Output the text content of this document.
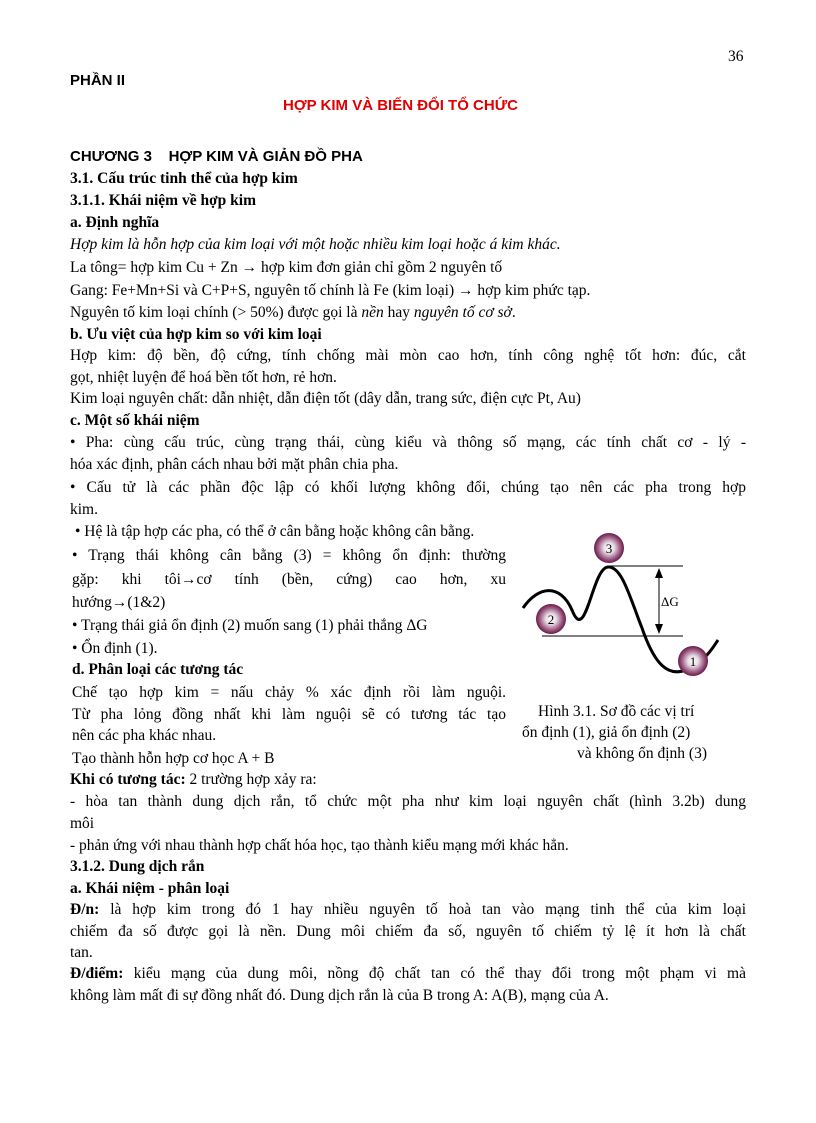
36
PHẦN II
HỢP KIM VÀ BIẾN ĐỔI TỔ CHỨC
CHƯƠNG 3    HỢP KIM VÀ GIẢN ĐỒ PHA
3.1. Cấu trúc tinh thể của hợp kim
3.1.1. Khái niệm về hợp kim
a. Định nghĩa
Hợp kim là hỗn hợp của kim loại với một hoặc nhiều kim loại hoặc á kim khác.
La tông= hợp kim Cu + Zn → hợp kim đơn giản chỉ gồm 2 nguyên tố
Gang: Fe+Mn+Si và C+P+S, nguyên tố chính là Fe (kim loại) → hợp kim phức tạp.
Nguyên tố kim loại chính (> 50%) được gọi là nền hay nguyên tố cơ sở.
b. Ưu việt của hợp kim so với kim loại
Hợp kim: độ bền, độ cứng, tính chống mài mòn cao hơn, tính công nghệ tốt hơn: đúc, cắt
gọt, nhiệt luyện để hoá bền tốt hơn, rẻ hơn.
Kim loại nguyên chất: dẫn nhiệt, dẫn điện tốt (dây dẫn, trang sức, điện cực Pt, Au)
c. Một số khái niệm
• Pha: cùng cấu trúc, cùng trạng thái, cùng kiểu và thông số mạng, các tính chất cơ - lý -
hóa xác định, phân cách nhau bởi mặt phân chia pha.
• Cấu tử là các phần độc lập có khối lượng không đổi, chúng tạo nên các pha trong hợp
kim.
• Hệ là tập hợp các pha, có thể ở cân bằng hoặc không cân bằng.
• Trạng thái không cân bằng (3) = không ổn định: thường
gặp: khi tôi→cơ tính (bền, cứng) cao hơn, xu
hướng→(1&2)
• Trạng thái giả ổn định (2) muốn sang (1) phải thắng ΔG
• Ổn định (1).
d. Phân loại các tương tác
Chế tạo hợp kim = nấu chảy % xác định rồi làm nguội.
Từ pha lỏng đồng nhất khi làm nguội sẽ có tương tác tạo
nên các pha khác nhau.
Tạo thành hỗn hợp cơ học A + B
3
2
1
ΔG
Hình 3.1. Sơ đồ các vị trí
ổn định (1), giả ổn định (2)
và không ổn định (3)
Khi có tương tác: 2 trường hợp xảy ra:
- hòa tan thành dung dịch rắn, tổ chức một pha như kim loại nguyên chất (hình 3.2b) dung
môi
- phản ứng với nhau thành hợp chất hóa học, tạo thành kiểu mạng mới khác hẳn.
3.1.2. Dung dịch rắn
a. Khái niệm - phân loại
Đ/n: là hợp kim trong đó 1 hay nhiều nguyên tố hoà tan vào mạng tinh thể của kim loại
chiếm đa số được gọi là nền. Dung môi chiếm đa số, nguyên tố chiếm tỷ lệ ít hơn là chất
tan.
Đ/điểm: kiểu mạng của dung môi, nồng độ chất tan có thể thay đổi trong một phạm vi mà
không làm mất đi sự đồng nhất đó. Dung dịch rắn là của B trong A: A(B), mạng của A.
